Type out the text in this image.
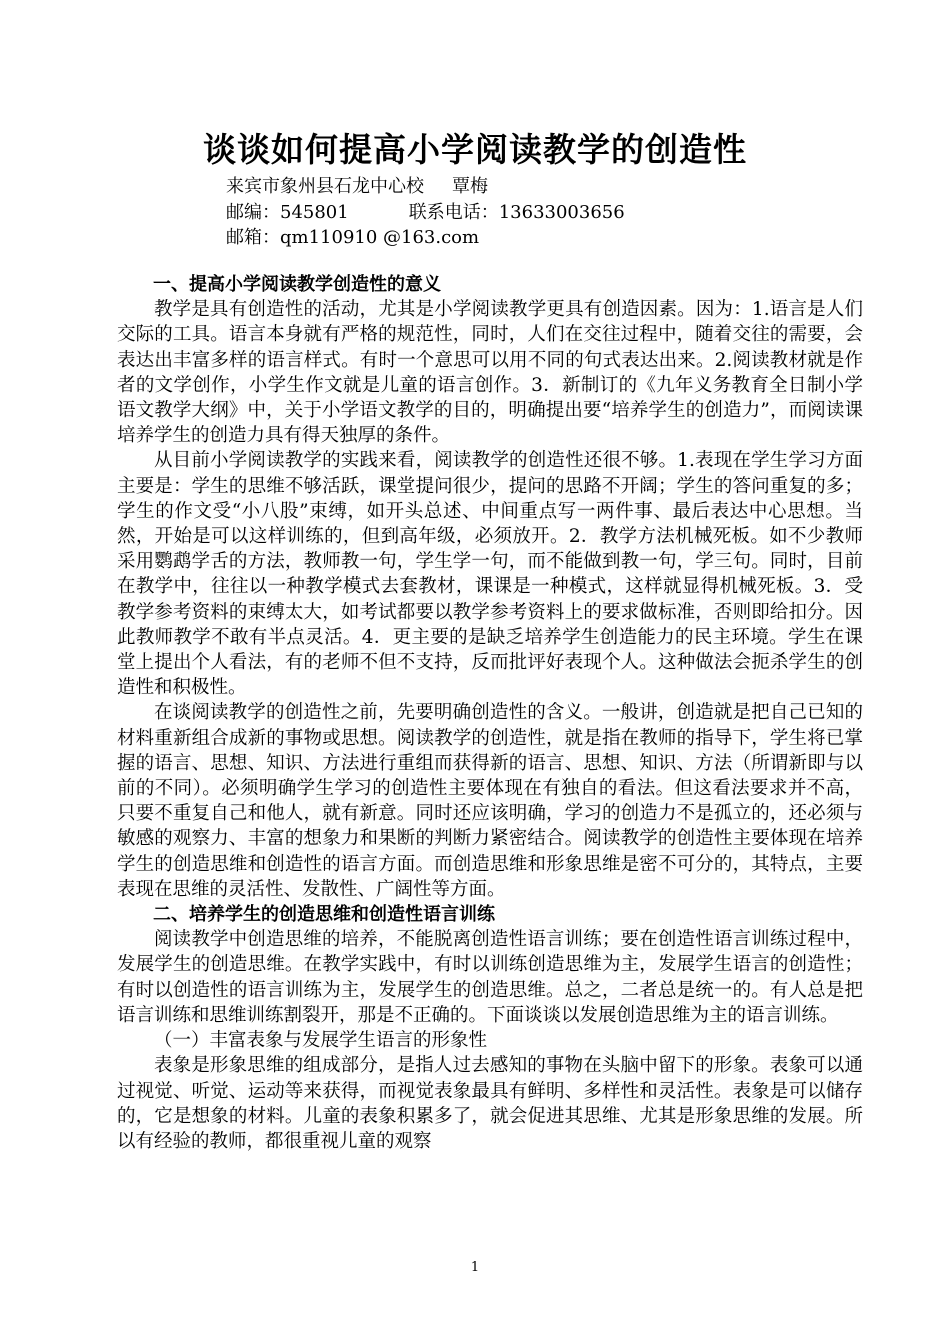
谈谈如何提高小学阅读教学的创造性
来宾市象州县石龙中心校 覃梅
邮编：545801	联系电话：13633003656
邮箱：qm110910 @163.com
一、提高小学阅读教学创造性的意义

教学是具有创造性的活动，尤其是小学阅读教学更具有创造因素。因为：1.语言是人们交际的工具。语言本身就有严格的规范性，同时，人们在交往过程中，随着交往的需要，会表达出丰富多样的语言样式。有时一个意思可以用不同的句式表达出来。2.阅读教材就是作者的文学创作，小学生作文就是儿童的语言创作。3．新制订的《九年义务教育全日制小学语文教学大纲》中，关于小学语文教学的目的，明确提出要“培养学生的创造力”，而阅读课培养学生的创造力具有得天独厚的条件。

从目前小学阅读教学的实践来看，阅读教学的创造性还很不够。1.表现在学生学习方面主要是：学生的思维不够活跃，课堂提问很少，提问的思路不开阔；学生的答问重复的多；学生的作文受“小八股”束缚，如开头总述、中间重点写一两件事、最后表达中心思想。当然，开始是可以这样训练的，但到高年级，必须放开。2．教学方法机械死板。如不少教师采用鹦鹉学舌的方法，教师教一句，学生学一句，而不能做到教一句，学三句。同时，目前在教学中，往往以一种教学模式去套教材，课课是一种模式，这样就显得机械死板。3．受教学参考资料的束缚太大，如考试都要以教学参考资料上的要求做标准，否则即给扣分。因此教师教学不敢有半点灵活。4．更主要的是缺乏培养学生创造能力的民主环境。学生在课堂上提出个人看法，有的老师不但不支持，反而批评好表现个人。这种做法会扼杀学生的创造性和积极性。

在谈阅读教学的创造性之前，先要明确创造性的含义。一般讲，创造就是把自己已知的材料重新组合成新的事物或思想。阅读教学的创造性，就是指在教师的指导下，学生将已掌握的语言、思想、知识、方法进行重组而获得新的语言、思想、知识、方法（所谓新即与以前的不同）。必须明确学生学习的创造性主要体现在有独自的看法。但这看法要求并不高，只要不重复自己和他人，就有新意。同时还应该明确，学习的创造力不是孤立的，还必须与敏感的观察力、丰富的想象力和果断的判断力紧密结合。阅读教学的创造性主要体现在培养学生的创造思维和创造性的语言方面。而创造思维和形象思维是密不可分的，其特点，主要表现在思维的灵活性、发散性、广阔性等方面。

二、培养学生的创造思维和创造性语言训练

阅读教学中创造思维的培养，不能脱离创造性语言训练；要在创造性语言训练过程中，发展学生的创造思维。在教学实践中，有时以训练创造思维为主，发展学生语言的创造性；有时以创造性的语言训练为主，发展学生的创造思维。总之，二者总是统一的。有人总是把语言训练和思维训练割裂开，那是不正确的。下面谈谈以发展创造思维为主的语言训练。

（一）丰富表象与发展学生语言的形象性

表象是形象思维的组成部分，是指人过去感知的事物在头脑中留下的形象。表象可以通过视觉、听觉、运动等来获得，而视觉表象最具有鲜明、多样性和灵活性。表象是可以储存的，它是想象的材料。儿童的表象积累多了，就会促进其思维、尤其是形象思维的发展。所以有经验的教师，都很重视儿童的观察

1
